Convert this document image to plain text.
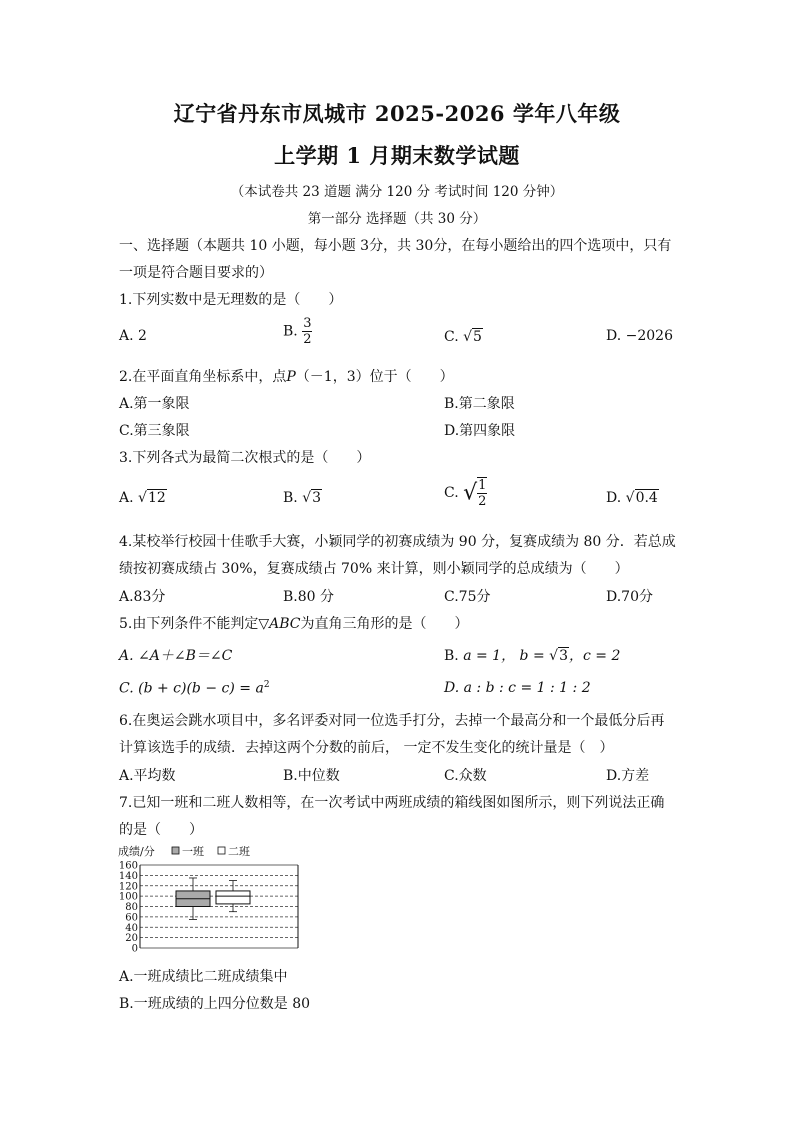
辽宁省丹东市凤城市 2025-2026 学年八年级
上学期 1 月期末数学试题
（本试卷共 23 道题 满分 120 分 考试时间 120 分钟）
第一部分 选择题（共 30 分）
一、选择题（本题共 10 小题，每小题 3分，共 30分，在每小题给出的四个选项中，只有
一项是符合题目要求的）
1.下列实数中是无理数的是（　　）
A. 2	B. $\frac{3}{2}$	C. √5	D. −2026
2.在平面直角坐标系中，点P（－1，3）位于（　　）
A.第一象限	B.第二象限
C.第三象限	D.第四象限
3.下列各式为最简二次根式的是（　　）
A. √12	B. √3	C. √ $\frac{1}{2}$	D. √0.4
4.某校举行校园十佳歌手大赛，小颖同学的初赛成绩为 90 分，复赛成绩为 80 分．若总成
绩按初赛成绩占 30%，复赛成绩占 70% 来计算，则小颖同学的总成绩为（　　）
A.83分	B.80 分	C.75分	D.70分
5.由下列条件不能判定▽ABC为直角三角形的是（　　）
A. ∠A＋∠B＝∠C	B. a = 1， b = √3，c = 2
C. $(b + c)(b - c) = a^2$	D. a : b : c = 1 : 1 : 2
6.在奥运会跳水项目中，多名评委对同一位选手打分，去掉一个最高分和一个最低分后再
计算该选手的成绩．去掉这两个分数的前后， 一定不发生变化的统计量是（　）
A.平均数	B.中位数	C.众数	D.方差
7.已知一班和二班人数相等，在一次考试中两班成绩的箱线图如图所示，则下列说法正确
的是（　　）
成绩/分 一班 二班
0
20
40
60
80
100
120
140
160
A.一班成绩比二班成绩集中
B.一班成绩的上四分位数是 80
